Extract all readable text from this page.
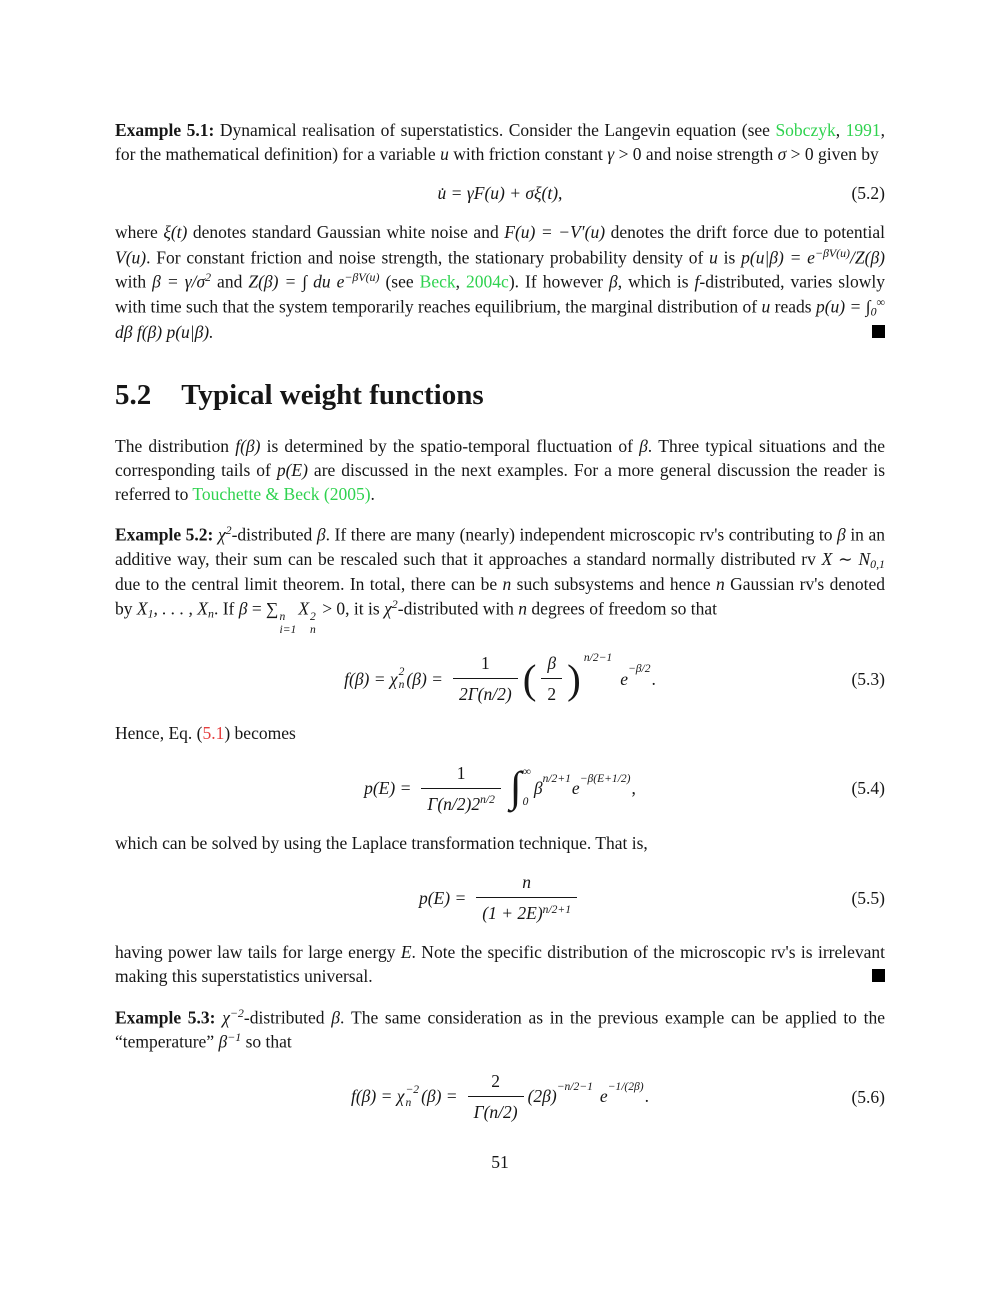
Example 5.1: Dynamical realisation of superstatistics. Consider the Langevin equation (see Sobczyk, 1991, for the mathematical definition) for a variable u with friction constant γ > 0 and noise strength σ > 0 given by

u̇ = γF(u) + σξ(t),	(5.2)

where ξ(t) denotes standard Gaussian white noise and F(u) = −V′(u) denotes the drift force due to potential V(u). For constant friction and noise strength, the stationary probability density of u is $p(u|\beta) = e^{-\beta V(u)}/Z(\beta)$ with $\beta = \gamma/\sigma^2$ and Z(β) = ∫ du $e^{-\beta V(u)}$ (see Beck, 2004c). If however β, which is f-distributed, varies slowly with time such that the system temporarily reaches equilibrium, the marginal distribution of u reads p(u) = ∫0∞ dβ f(β) p(u|β).

5.2 Typical weight functions

The distribution f(β) is determined by the spatio-temporal fluctuation of β. Three typical situations and the corresponding tails of p(E) are discussed in the next examples. For a more general discussion the reader is referred to Touchette & Beck (2005).

Example 5.2: $\chi^2$-distributed β. If there are many (nearly) independent microscopic rv's contributing to β in an additive way, their sum can be rescaled such that it approaches a standard normally distributed rv X ∼ N0,1 due to the central limit theorem. In total, there can be n such subsystems and hence n Gaussian rv's denoted by X1, . . . , Xn. If β = ∑ n
i=1
X 2
n
> 0, it is $\chi^2$-distributed with n degrees of freedom so that

f(β) = χ 2
n $(\beta) = \frac{1}{2\Gamma(n/2)}$ ( $\frac{\beta}{2}$ ) n/2−1
e −β/2 .	(5.3)

Hence, Eq. (5.1) becomes

$p(E) = \frac{1}{\Gamma(n/2)2^{n/2}}$ ∫ ∞
0
β n/2+1 e −β(E+1/2) ,	(5.4)

which can be solved by using the Laplace transformation technique. That is,

$p(E) = \frac{n}{(1 + 2E)^{n/2+1}}$	(5.5)

having power law tails for large energy E. Note the specific distribution of the microscopic rv's is irrelevant making this superstatistics universal.

Example 5.3: $\chi^{-2}$-distributed β. The same consideration as in the previous example can be applied to the “temperature” $\beta^{-1}$ so that

f(β) = χ −2
n $(\beta) = \frac{2}{\Gamma(n/2)} (2\beta) -n/2-1$ e −1/(2β) .	(5.6)
51
